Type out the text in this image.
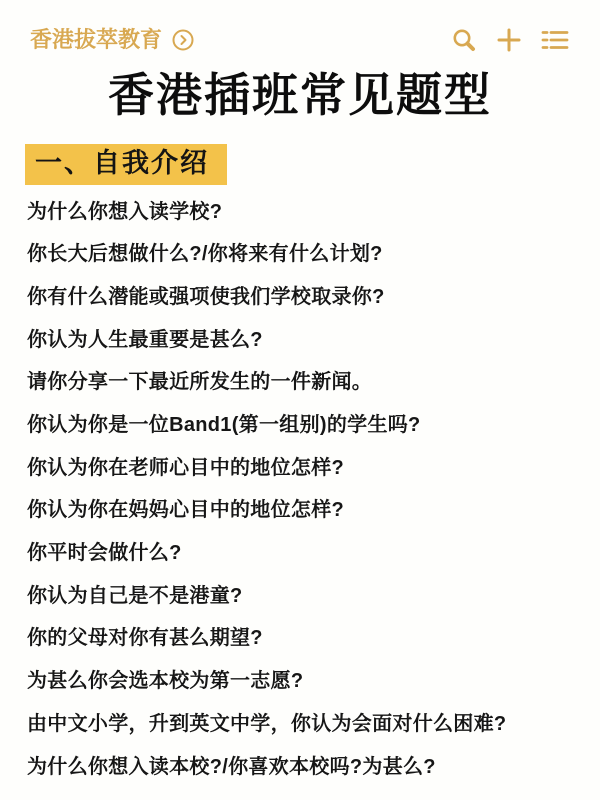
香港拔萃教育
香港插班常见题型
一、自我介绍
为什么你想入读学校?
你长大后想做什么?/你将来有什么计划?
你有什么潜能或强项使我们学校取录你?
你认为人生最重要是甚么?
请你分享一下最近所发生的一件新闻。
你认为你是一位Band1(第一组别)的学生吗?
你认为你在老师心目中的地位怎样?
你认为你在妈妈心目中的地位怎样?
你平时会做什么?
你认为自己是不是港童?
你的父母对你有甚么期望?
为甚么你会选本校为第一志愿?
由中文小学，升到英文中学，你认为会面对什么困难?
为什么你想入读本校?/你喜欢本校吗?为甚么?
